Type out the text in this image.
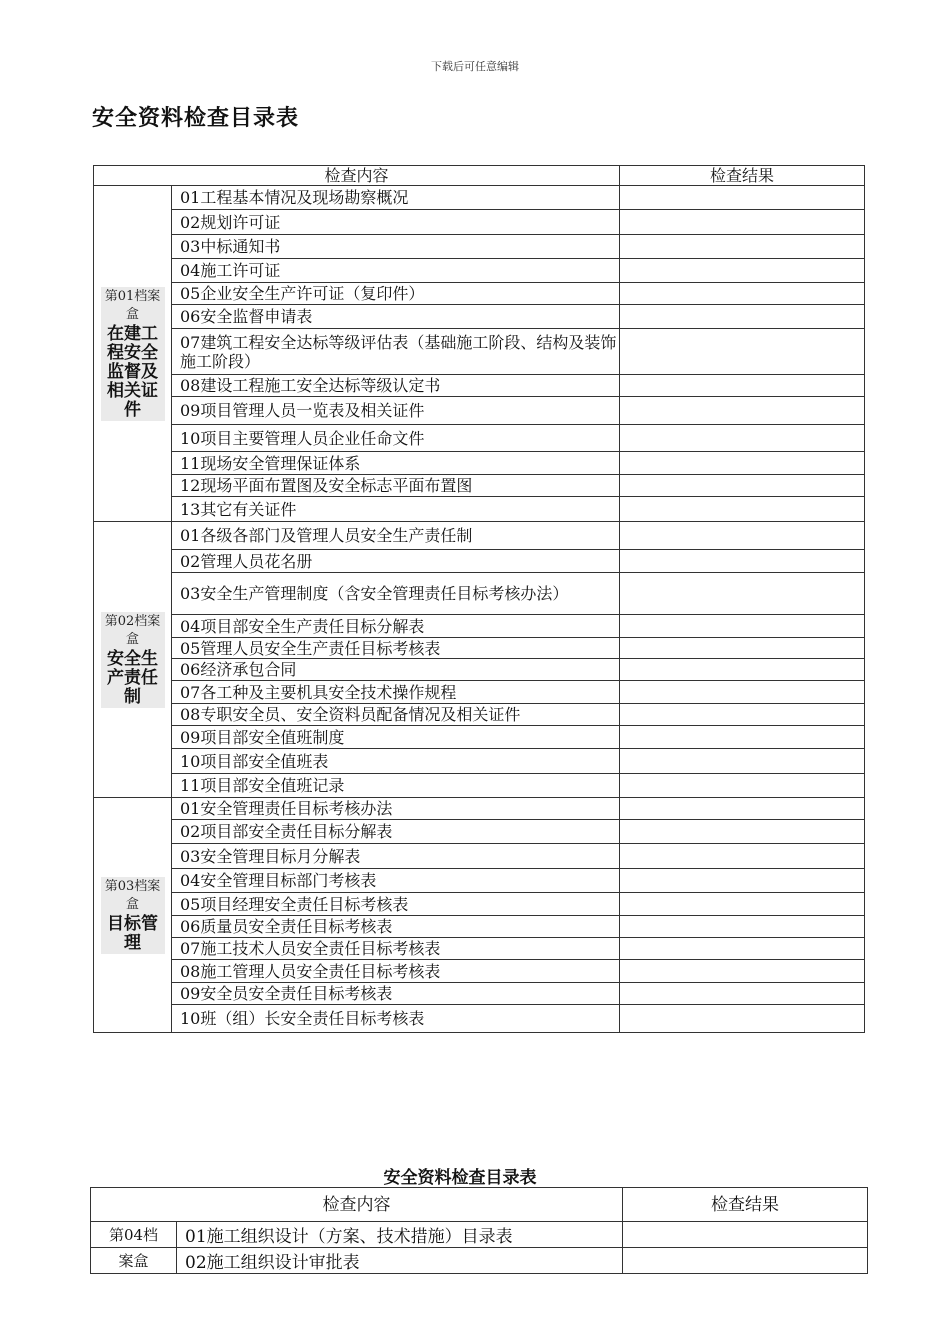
下载后可任意编辑
安全资料检查目录表
检查内容		检查结果

第01档案盒
在建工程安全监督及相关证件	01工程基本情况及现场勘察概况	
	02规划许可证	
	03中标通知书	
	04施工许可证	
	05企业安全生产许可证（复印件）	
	06安全监督申请表	
	07建筑工程安全达标等级评估表（基础施工阶段、结构及装饰施工阶段）	
	08建设工程施工安全达标等级认定书	
	09项目管理人员一览表及相关证件	
	10项目主要管理人员企业任命文件	
	11现场安全管理保证体系	
	12现场平面布置图及安全标志平面布置图	
	13其它有关证件	

第02档案盒
安全生产责任制	01各级各部门及管理人员安全生产责任制	
	02管理人员花名册	
	03安全生产管理制度（含安全管理责任目标考核办法）	
	04项目部安全生产责任目标分解表	
	05管理人员安全生产责任目标考核表	
	06经济承包合同	
	07各工种及主要机具安全技术操作规程	
	08专职安全员、安全资料员配备情况及相关证件	
	09项目部安全值班制度	
	10项目部安全值班表	
	11项目部安全值班记录	

第03档案盒
目标管理	01安全管理责任目标考核办法	
	02项目部安全责任目标分解表	
	03安全管理目标月分解表	
	04安全管理目标部门考核表	
	05项目经理安全责任目标考核表	
	06质量员安全责任目标考核表	
	07施工技术人员安全责任目标考核表	
	08施工管理人员安全责任目标考核表	
	09安全员安全责任目标考核表	
	10班（组）长安全责任目标考核表	
安全资料检查目录表
检查内容		检查结果
第04档	01施工组织设计（方案、技术措施）目录表	
案盒	02施工组织设计审批表	
